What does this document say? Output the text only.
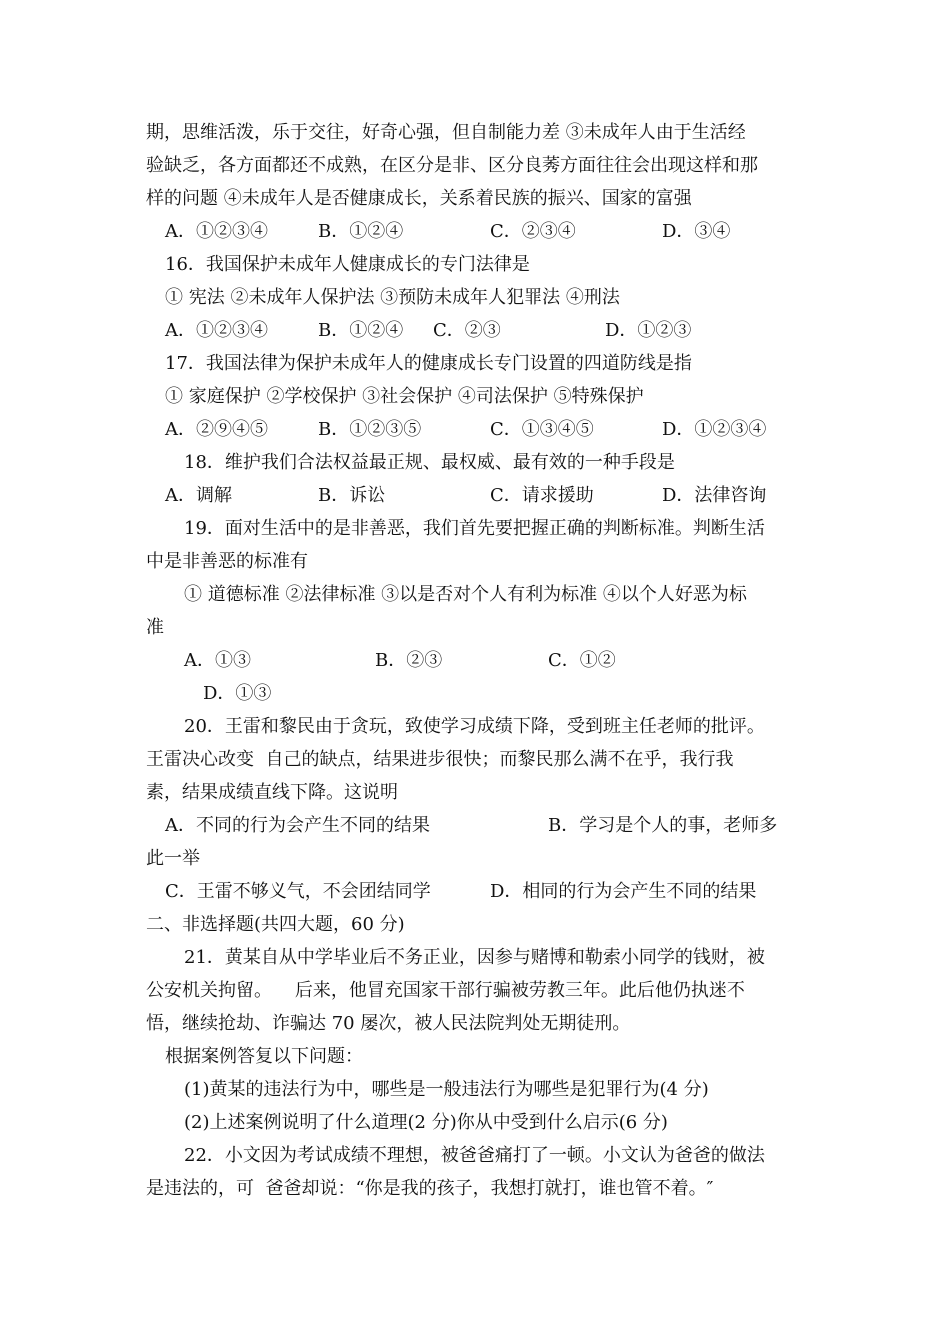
期，思维活泼，乐于交往，好奇心强，但自制能力差 ③未成年人由于生活经
验缺乏，各方面都还不成熟，在区分是非、区分良莠方面往往会出现这样和那
样的问题 ④未成年人是否健康成长，关系着民族的振兴、国家的富强
A．①②③④	B．①②④	C．②③④	D．③④
16．我国保护未成年人健康成长的专门法律是
① 宪法 ②未成年人保护法 ③预防未成年人犯罪法 ④刑法
A．①②③④	B．①②④ C．②③	D．①②③
17．我国法律为保护未成年人的健康成长专门设置的四道防线是指
① 家庭保护 ②学校保护 ③社会保护 ④司法保护 ⑤特殊保护
A．②⑨④⑤	B．①②③⑤	C．①③④⑤	D．①②③④
18．维护我们合法权益最正规、最权威、最有效的一种手段是
A．调解	B．诉讼	C．请求援助	D．法律咨询
19．面对生活中的是非善恶，我们首先要把握正确的判断标准。判断生活
中是非善恶的标准有
① 道德标准 ②法律标准 ③以是否对个人有利为标准 ④以个人好恶为标
准
A．①③	B．②③	C．①②
D．①③
20．王雷和黎民由于贪玩，致使学习成绩下降，受到班主任老师的批评。
王雷决心改变  自己的缺点，结果进步很快；而黎民那么满不在乎，我行我
素，结果成绩直线下降。这说明
A．不同的行为会产生不同的结果	B．学习是个人的事，老师多
此一举
C．王雷不够义气，不会团结同学	D．相同的行为会产生不同的结果
二、非选择题(共四大题，60 分)
21．黄某自从中学毕业后不务正业，因参与赌博和勒索小同学的钱财，被
公安机关拘留。    后来，他冒充国家干部行骗被劳教三年。此后他仍执迷不
悟，继续抢劫、诈骗达 70 屡次，被人民法院判处无期徒刑。
根据案例答复以下问题：
(1)黄某的违法行为中，哪些是一般违法行为哪些是犯罪行为(4 分)
(2)上述案例说明了什么道理(2 分)你从中受到什么启示(6 分)
22．小文因为考试成绩不理想，被爸爸痛打了一顿。小文认为爸爸的做法
是违法的，可  爸爸却说：“你是我的孩子，我想打就打，谁也管不着。″
